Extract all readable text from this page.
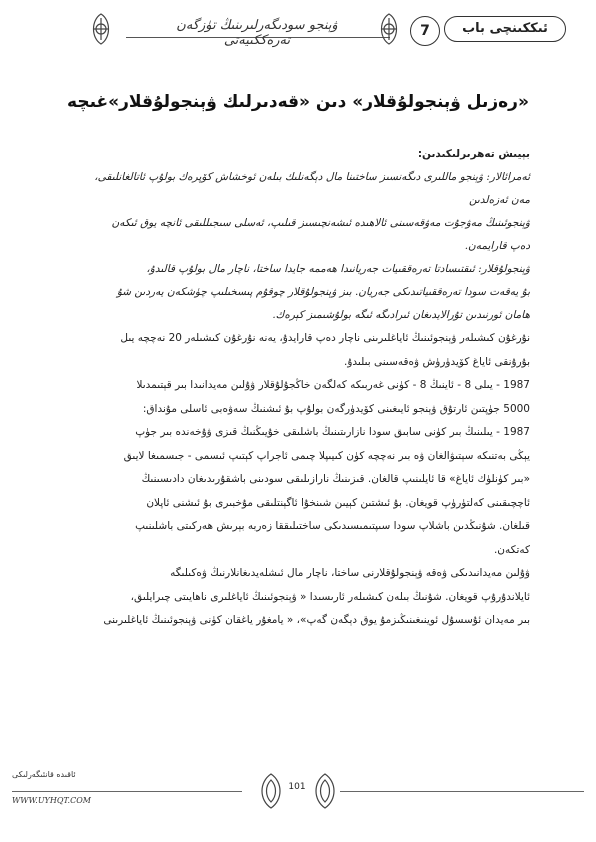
ۋېنجو سودىگەرلىرىنىڭ تۈزگەن تەرەككىيەتى
7	ئىككىنچى باب
«رەزىل ۋېنجولۇقلار» دىن «قەدىرلىك ۋېنجولۇقلار»غىچە

بېيىش تەھرىرلىكىدىن:

ئەمرائالار: ۋېنجو ماللىرى دىگەنسىز ساختىنا مال دېگەنلىك بىلەن ئوخشاش كۆپرەك بولۇپ ئاتالغانلىقى، مەن ئەزەلدىن

ۋېنجوئىنىڭ مەۋجۇت مەۋقەسىنى ئالاھىدە ئىشەنچىسىز قىلىپ، ئەسلى سىجىللىقى ئانچە يوق ئىكەن دەپ قارايمەن.

ۋېنجولۇقلار: ئىقتىسادتا تەرەققىيات جەريانىدا ھەممە جايدا ساختا، ناچار مال بولۇپ قالىدۇ،

بۇ يەقەت سودا تەرەققىياتىدىكى جەريان. بىز ۋېنجولۇقلار چوقۇم پىسخىلىپ چۈشكەن يەردىن شۇ

ھامان ئورنىدىن تۇرالايدىغان ئىرادىگە ئىگە بولۇشىمىز كېرەك.

نۇرغۇن كىشىلەر ۋېنجوئىنىڭ ئاياغلىرىنى ناچار دەپ قارايدۇ، يەنە نۇرغۇن كىشىلەر 20 نەچچە يىل

بۇرۇنقى ئاياغ كۆيدۈرۈش ۋەقەسىنى بىلىدۇ.

1987 - يىلى 8 - ئاينىڭ 8 - كۈنى غەربىكە كەلگەن خاڭجۇلۇقلار ۋۇلىن مەيدانىدا بىر قېتىمدىلا

5000 جۈپتىن ئارتۇق ۋېنجو ئايىغىنى كۆيدۈرگەن بولۇپ بۇ ئىشنىڭ سەۋەبى ئاسلى مۇنداق:

1987 - يىلىنىڭ بىر كۈنى سابىق سودا نازارىتىنىڭ باشلىقى خۇيىڭنىڭ قىزى ۋۇخەندە بىر جۈپ

يېڭى بەتنىكە سېتىۋالغان ۋە بىر نەچچە كۈن كىيىپلا چىمى ئاجراپ كېتىپ ئىسمى - جىسمىغا لايىق

«بىر كۈنلۈك ئاياغ» قا ئايلىنىپ قالغان. قىزىنىڭ نارازىلىقى سودىنى باشقۇرىدىغان دادىسىنىڭ

ئاچچىقىنى كەلتۈرۈپ قويغان. بۇ ئىشتىن كېيىن شىنخۇا ئاگېنتلىقى مۇخبىرى بۇ ئىشنى ئاپلان

قىلغان. شۇنىڭدىن باشلاپ سودا سىپتىمىسىدىكى ساختىلىققا زەربە بېرىش ھەركىتى باشلىنىپ

كەتكەن.

ۋۇلىن مەيدانىدىكى ۋەقە ۋېنجولۇقلارنى ساختا، ناچار مال ئىشلەيدىغانلارنىڭ ۋەكىلىگە

ئايلاندۇرۇپ قويغان. شۇنىڭ بىلەن كىشىلەر ئارىسىدا « ۋېنجوئىنىڭ ئاياغلىرى ناھايىتى چىرايلىق،

بىر مەيدان ئۇسسۇل ئوينىغىنىڭىزمۇ يوق دېگەن گەپ»، « يامغۇر ياغقان كۈنى ۋېنجوئىنىڭ ئاياغلىرىنى

ئاقىدە قانئىگەرلىكى
WWW.UYHQT.COM
101
